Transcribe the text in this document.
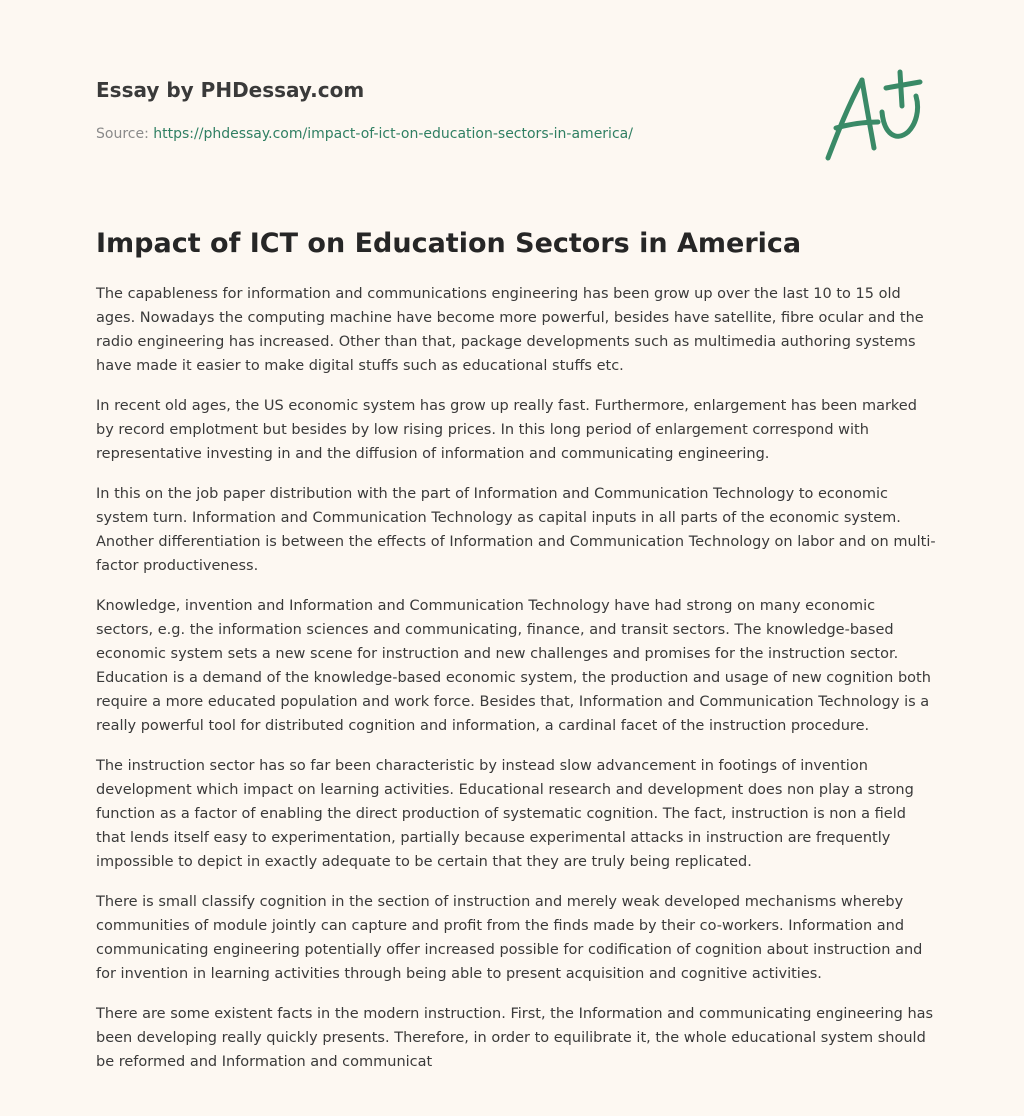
Essay by PHDessay.com
Source: https://phdessay.com/impact-of-ict-on-education-sectors-in-america/
Impact of ICT on Education Sectors in America

The capableness for information and communications engineering has been grow up over the last 10 to 15 old ages. Nowadays the computing machine have become more powerful, besides have satellite, fibre ocular and the radio engineering has increased. Other than that, package developments such as multimedia authoring systems have made it easier to make digital stuffs such as educational stuffs etc.

In recent old ages, the US economic system has grow up really fast. Furthermore, enlargement has been marked by record emplotment but besides by low rising prices. In this long period of enlargement correspond with representative investing in and the diffusion of information and communicating engineering.

In this on the job paper distribution with the part of Information and Communication Technology to economic system turn. Information and Communication Technology as capital inputs in all parts of the economic system. Another differentiation is between the effects of Information and Communication Technology on labor and on multi-factor productiveness.

Knowledge, invention and Information and Communication Technology have had strong on many economic sectors, e.g. the information sciences and communicating, finance, and transit sectors. The knowledge-based economic system sets a new scene for instruction and new challenges and promises for the instruction sector. Education is a demand of the knowledge-based economic system, the production and usage of new cognition both require a more educated population and work force. Besides that, Information and Communication Technology is a really powerful tool for distributed cognition and information, a cardinal facet of the instruction procedure.

The instruction sector has so far been characteristic by instead slow advancement in footings of invention development which impact on learning activities. Educational research and development does non play a strong function as a factor of enabling the direct production of systematic cognition. The fact, instruction is non a field that lends itself easy to experimentation, partially because experimental attacks in instruction are frequently impossible to depict in exactly adequate to be certain that they are truly being replicated.

There is small classify cognition in the section of instruction and merely weak developed mechanisms whereby communities of module jointly can capture and profit from the finds made by their co-workers. Information and communicating engineering potentially offer increased possible for codification of cognition about instruction and for invention in learning activities through being able to present acquisition and cognitive activities.

There are some existent facts in the modern instruction. First, the Information and communicating engineering has been developing really quickly presents. Therefore, in order to equilibrate it, the whole educational system should be reformed and Information and communicat
